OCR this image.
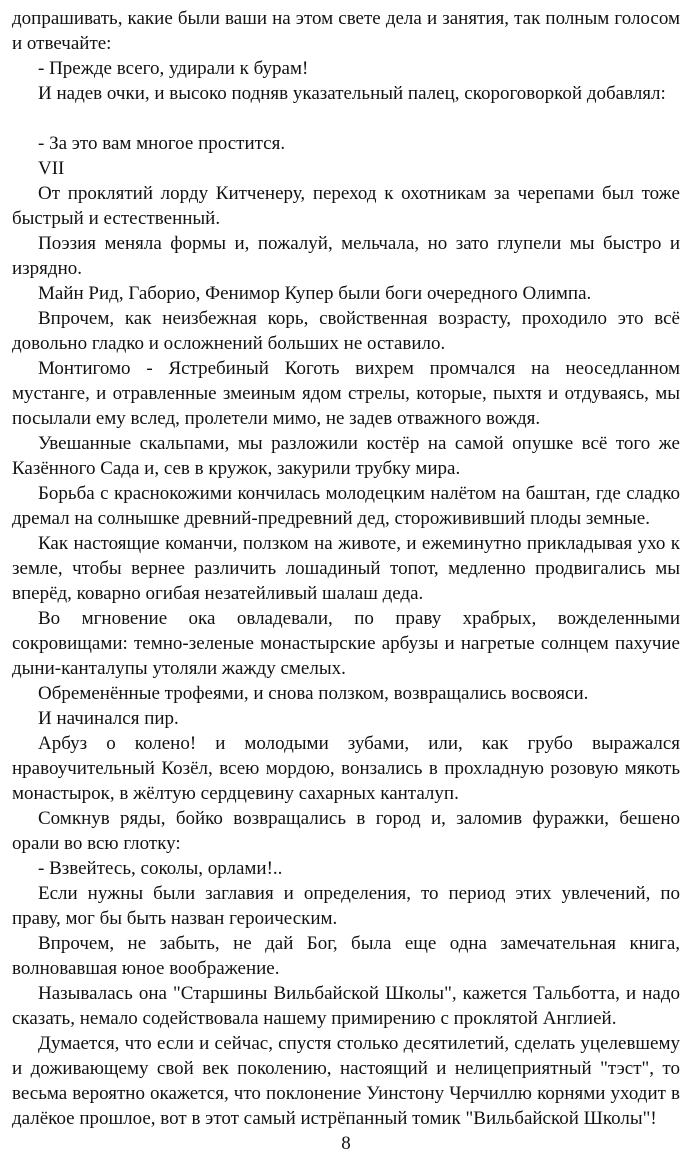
допрашивать, какие были ваши на этом свете дела и занятия, так полным голосом и отвечайте:

- Прежде всего, удирали к бурам!

И надев очки, и высоко подняв указательный палец, скороговоркой добавлял:

- За это вам многое простится.

VII

От проклятий лорду Китченеру, переход к охотникам за черепами был тоже быстрый и естественный.

Поэзия меняла формы и, пожалуй, мельчала, но зато глупели мы быстро и изрядно.

Майн Рид, Габорио, Фенимор Купер были боги очередного Олимпа.

Впрочем, как неизбежная корь, свойственная возрасту, проходило это всё довольно гладко и осложнений больших не оставило.

Монтигомо - Ястребиный Коготь вихрем промчался на неоседланном мустанге, и отравленные змеиным ядом стрелы, которые, пыхтя и отдуваясь, мы посылали ему вслед, пролетели мимо, не задев отважного вождя.

Увешанные скальпами, мы разложили костёр на самой опушке всё того же Казённого Сада и, сев в кружок, закурили трубку мира.

Борьба с краснокожими кончилась молодецким налётом на баштан, где сладко дремал на солнышке древний-предревний дед, сторожививший плоды земные.

Как настоящие команчи, ползком на животе, и ежеминутно прикладывая ухо к земле, чтобы вернее различить лошадиный топот, медленно продвигались мы вперёд, коварно огибая незатейливый шалаш деда.

Во мгновение ока овладевали, по праву храбрых, вожделенными сокровищами: темно-зеленые монастырские арбузы и нагретые солнцем пахучие дыни-канталупы утоляли жажду смелых.

Обременённые трофеями, и снова ползком, возвращались восвояси.

И начинался пир.

Арбуз о колено! и молодыми зубами, или, как грубо выражался нравоучительный Козёл, всею мордою, вонзались в прохладную розовую мякоть монастырок, в жёлтую сердцевину сахарных канталуп.

Сомкнув ряды, бойко возвращались в город и, заломив фуражки, бешено орали во всю глотку:

- Взвейтесь, соколы, орлами!..

Если нужны были заглавия и определения, то период этих увлечений, по праву, мог бы быть назван героическим.

Впрочем, не забыть, не дай Бог, была еще одна замечательная книга, волновавшая юное воображение.

Называлась она "Старшины Вильбайской Школы", кажется Тальботта, и надо сказать, немало содействовала нашему примирению с проклятой Англией.

Думается, что если и сейчас, спустя столько десятилетий, сделать уцелевшему и доживающему свой век поколению, настоящий и нелицеприятный "тэст", то весьма вероятно окажется, что поклонение Уинстону Черчиллю корнями уходит в далёкое прошлое, вот в этот самый истрёпанный томик "Вильбайской Школы"!

8
